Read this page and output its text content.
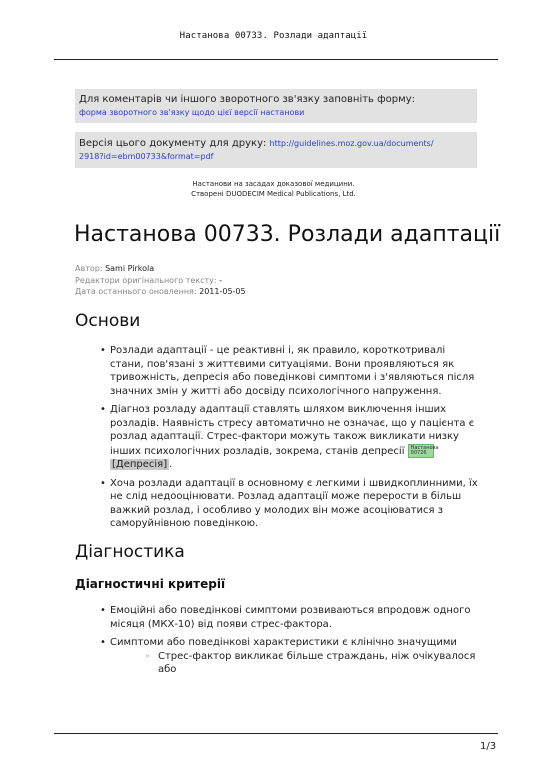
Настанова 00733. Розлади адаптації
Для коментарів чи іншого зворотного зв'язку заповніть форму:
форма зворотного зв'язку щодо цієї версії настанови
Версія цього документу для друку: http://guidelines.moz.gov.ua/documents/
2918?id=ebm00733&format=pdf
Настанови на засадах доказової медицини.
Створені DUODECIM Medical Publications, Ltd.
Настанова 00733. Розлади адаптації
Автор: Sami Pirkola
Редактори оригінального тексту: -
Дата останнього оновлення: 2011-05-05
Основи
• Розлади адаптації - це реактивні і, як правило, короткотривалі стани, пов'язані з життєвими ситуаціями. Вони проявляються як тривожність, депресія або поведінкові симптоми і з'являються після значних змін у житті або досвіду психологічного напруження.
• Діагноз розладу адаптації ставлять шляхом виключення інших розладів. Наявність стресу автоматично не означає, що у пацієнта є розлад адаптації. Стрес-фактори можуть також викликати низку інших психологічних розладів, зокрема, станів депресії Настанова 00726[Депресія] .
• Хоча розлади адаптації в основному є легкими і швидкоплинними, їх не слід недооцінювати. Розлад адаптації може перерости в більш важкий розлад, і особливо у молодих він може асоціюватися з саморуйнівною поведінкою.
Діагностика
Діагностичні критерії
• Емоційні або поведінкові симптоми розвиваються впродовж одного місяця (МКХ-10) від появи стрес-фактора.
• Симптоми або поведінкові характеристики є клінічно значущими
◦ Стрес-фактор викликає більше страждань, ніж очікувалося або
1/3
